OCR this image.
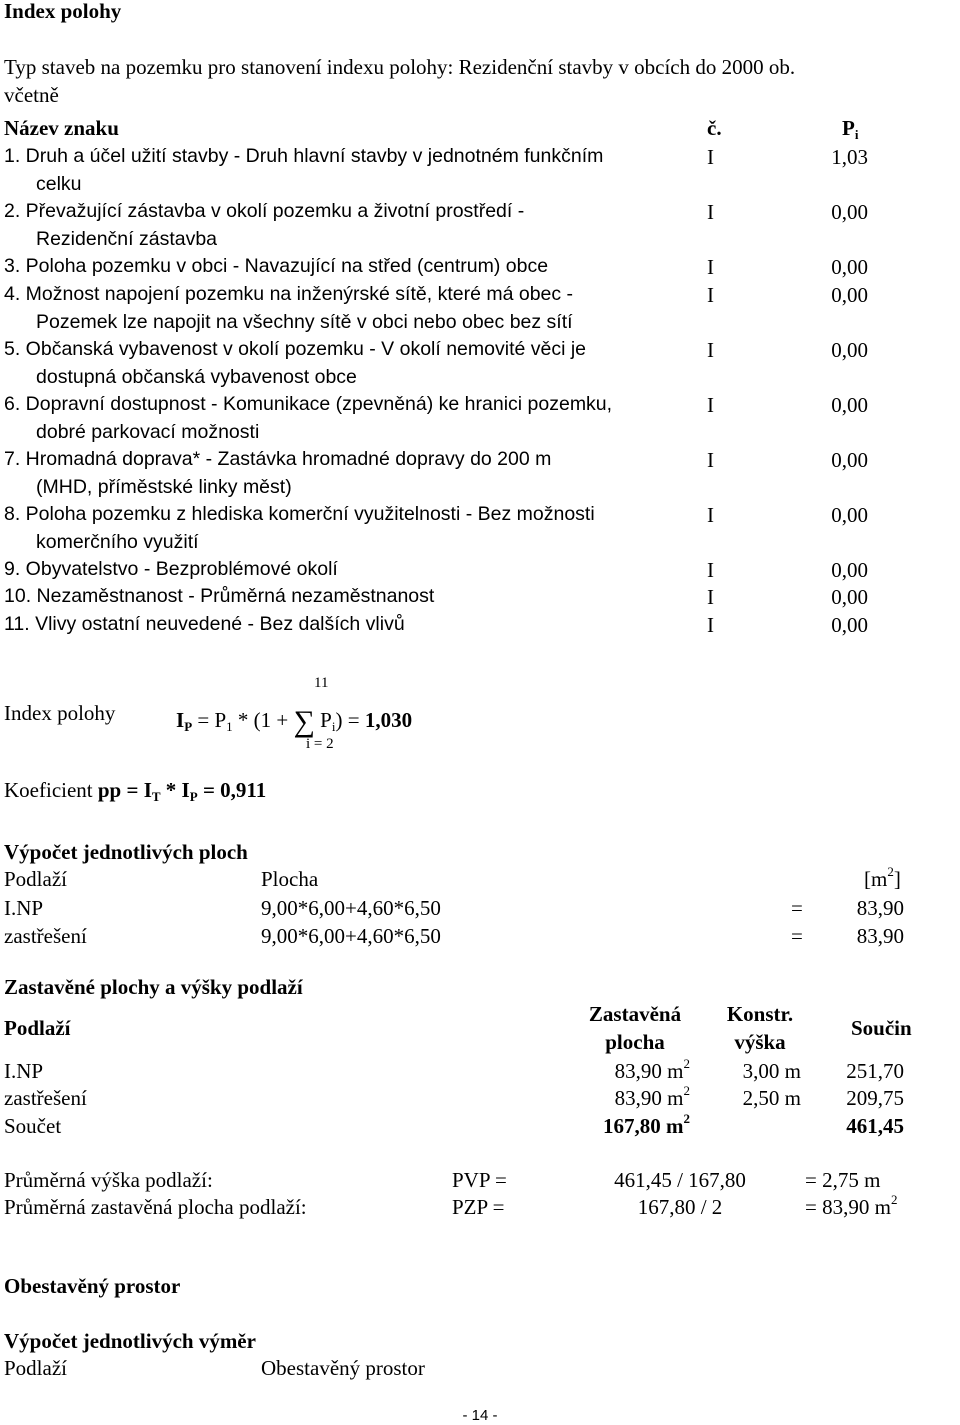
Index polohy
Typ staveb na pozemku pro stanovení indexu polohy: Rezidenční stavby v obcích do 2000 ob.
včetně
Název znaku	č.	$P_i$
1. Druh a účel užití stavby - Druh hlavní stavby v jednotném funkčním
celku
I	1,03
2. Převažující zástavba v okolí pozemku a životní prostředí -
Rezidenční zástavba
I	0,00
3. Poloha pozemku v obci - Navazující na střed (centrum) obce	I	0,00
4. Možnost napojení pozemku na inženýrské sítě, které má obec -
Pozemek lze napojit na všechny sítě v obci nebo obec bez sítí
I	0,00
5. Občanská vybavenost v okolí pozemku - V okolí nemovité věci je
dostupná občanská vybavenost obce
I	0,00
6. Dopravní dostupnost - Komunikace (zpevněná) ke hranici pozemku,
dobré parkovací možnosti
I	0,00
7. Hromadná doprava* - Zastávka hromadné dopravy do 200 m
(MHD, příměstské linky měst)
I	0,00
8. Poloha pozemku z hlediska komerční využitelnosti - Bez možnosti
komerčního využití
I	0,00
9. Obyvatelstvo - Bezproblémové okolí	I	0,00
10. Nezaměstnanost - Průměrná nezaměstnanost	I	0,00
11. Vlivy ostatní neuvedené - Bez dalších vlivů	I	0,00
Index polohy
11
i = 2
$I_P = P_1 * (1$ + ∑ $P_i) = 1,030$
Koeficient pp = $I_T * I_P = 0,911$
Výpočet jednotlivých ploch
Podlaží	Plocha	$[m^2]$
I.NP	9,00*6,00+4,60*6,50	=	83,90
zastřešení	9,00*6,00+4,60*6,50	=	83,90
Zastavěné plochy a výšky podlaží
Podlaží
Zastavěná
plocha
Konstr.
výška
Součin
I.NP	83,90 $m^2$	3,00 m 251,70
zastřešení	83,90 $m^2$	2,50 m 209,75
Součet	167,80 $m^2$	461,45
Průměrná výška podlaží:	PVP =	461,45 / 167,80	= 2,75 m
Průměrná zastavěná plocha podlaží:	PZP =	167,80 / 2	= 83,90 $m^2$
Obestavěný prostor
Výpočet jednotlivých výměr
Podlaží	Obestavěný prostor
- 14 -
